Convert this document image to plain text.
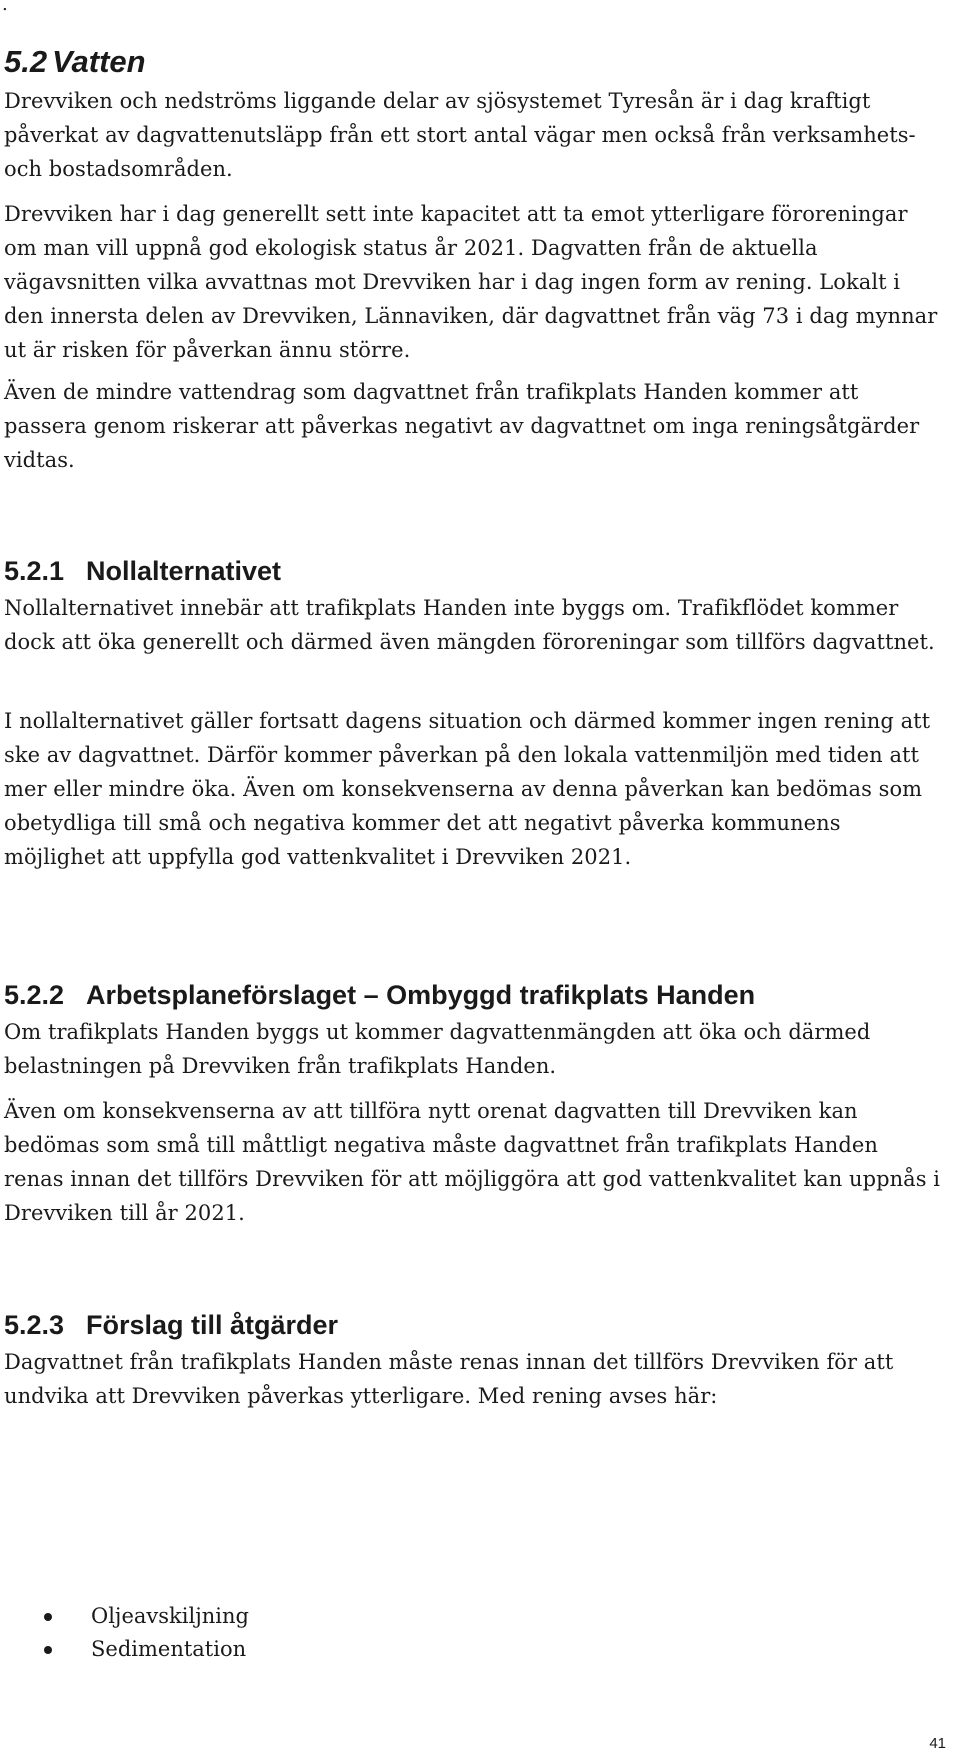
.
5.2 Vatten

Drevviken och nedströms liggande delar av sjösystemet Tyresån är i dag kraftigt påverkat av dagvattenutsläpp från ett stort antal vägar men också från verksamhets- och bostadsområden.

Drevviken har i dag generellt sett inte kapacitet att ta emot ytterligare föroreningar om man vill uppnå god ekologisk status år 2021. Dagvatten från de aktuella vägavsnitten vilka avvattnas mot Drevviken har i dag ingen form av rening. Lokalt i den innersta delen av Drevviken, Lännaviken, där dagvattnet från väg 73 i dag mynnar ut är risken för påverkan ännu större.

Även de mindre vattendrag som dagvattnet från trafikplats Handen kommer att passera genom riskerar att påverkas negativt av dagvattnet om inga reningsåtgärder vidtas.

5.2.1 Nollalternativet

Nollalternativet innebär att trafikplats Handen inte byggs om. Trafikflödet kommer dock att öka generellt och därmed även mängden föroreningar som tillförs dagvattnet.

I nollalternativet gäller fortsatt dagens situation och därmed kommer ingen rening att ske av dagvattnet. Därför kommer påverkan på den lokala vattenmiljön med tiden att mer eller mindre öka. Även om konsekvenserna av denna påverkan kan bedömas som obetydliga till små och negativa kommer det att negativt påverka kommunens möjlighet att uppfylla god vattenkvalitet i Drevviken 2021.

5.2.2 Arbetsplaneförslaget – Ombyggd trafikplats Handen

Om trafikplats Handen byggs ut kommer dagvattenmängden att öka och därmed belastningen på Drevviken från trafikplats Handen.

Även om konsekvenserna av att tillföra nytt orenat dagvatten till Drevviken kan bedömas som små till måttligt negativa måste dagvattnet från trafikplats Handen renas innan det tillförs Drevviken för att möjliggöra att god vattenkvalitet kan uppnås i Drevviken till år 2021.

5.2.3 Förslag till åtgärder

Dagvattnet från trafikplats Handen måste renas innan det tillförs Drevviken för att undvika att Drevviken påverkas ytterligare. Med rening avses här:

Oljeavskiljning
Sedimentation
41
